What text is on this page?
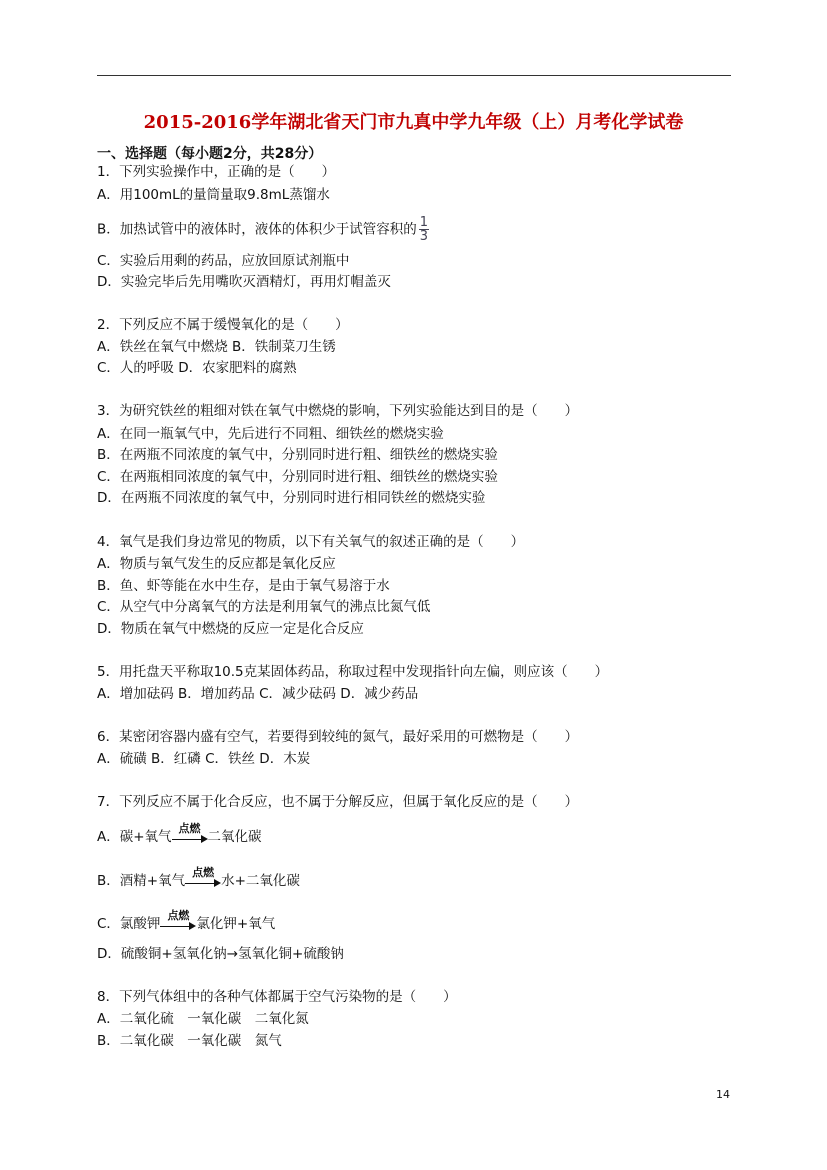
2015-2016学年湖北省天门市九真中学九年级（上）月考化学试卷
一、选择题（每小题2分，共28分）
1．下列实验操作中，正确的是（　　）
A．用100mL的量筒量取9.8mL蒸馏水
B．加热试管中的液体时，液体的体积少于试管容积的 $\frac{1}{3}$
C．实验后用剩的药品，应放回原试剂瓶中
D．实验完毕后先用嘴吹灭酒精灯，再用灯帽盖灭
2．下列反应不属于缓慢氧化的是（　　）
A．铁丝在氧气中燃烧 B．铁制菜刀生锈
C．人的呼吸 D．农家肥料的腐熟
3．为研究铁丝的粗细对铁在氧气中燃烧的影响，下列实验能达到目的是（　　）
A．在同一瓶氧气中，先后进行不同粗、细铁丝的燃烧实验
B．在两瓶不同浓度的氧气中，分别同时进行粗、细铁丝的燃烧实验
C．在两瓶相同浓度的氧气中，分别同时进行粗、细铁丝的燃烧实验
D．在两瓶不同浓度的氧气中，分别同时进行相同铁丝的燃烧实验
4．氧气是我们身边常见的物质，以下有关氧气的叙述正确的是（　　）
A．物质与氧气发生的反应都是氧化反应
B．鱼、虾等能在水中生存，是由于氧气易溶于水
C．从空气中分离氧气的方法是利用氧气的沸点比氮气低
D．物质在氧气中燃烧的反应一定是化合反应
5．用托盘天平称取10.5克某固体药品，称取过程中发现指针向左偏，则应该（　　）
A．增加砝码 B．增加药品 C．减少砝码 D．减少药品
6．某密闭容器内盛有空气，若要得到较纯的氮气，最好采用的可燃物是（　　）
A．硫磺 B．红磷 C．铁丝 D．木炭
7．下列反应不属于化合反应，也不属于分解反应，但属于氧化反应的是（　　）
A．碳+氧气
点燃
二氧化碳
B．酒精+氧气
点燃
水+二氧化碳
C．氯酸钾
点燃
氯化钾+氧气
D．硫酸铜+氢氧化钠→氢氧化铜+硫酸钠
8．下列气体组中的各种气体都属于空气污染物的是（　　）
A．二氧化硫　一氧化碳　二氧化氮
B．二氧化碳　一氧化碳　氮气
14
